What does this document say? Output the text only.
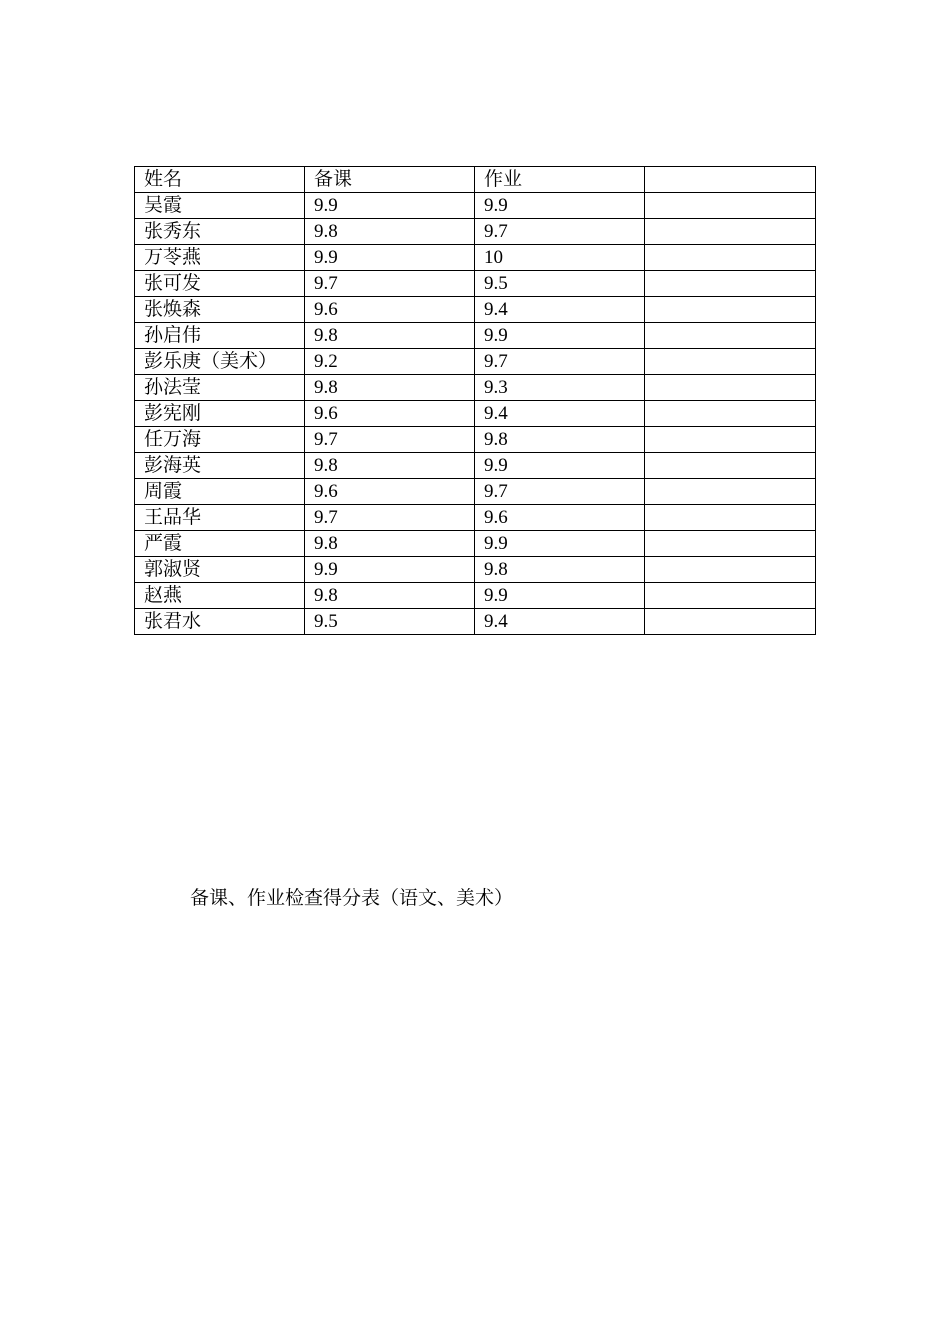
姓名	备课	作业	
吴霞	9.9	9.9	
张秀东	9.8	9.7	
万苓燕	9.9	10	
张可发	9.7	9.5	
张焕森	9.6	9.4	
孙启伟	9.8	9.9	
彭乐庚（美术）	9.2	9.7	
孙法莹	9.8	9.3	
彭宪刚	9.6	9.4	
任万海	9.7	9.8	
彭海英	9.8	9.9	
周霞	9.6	9.7	
王品华	9.7	9.6	
严霞	9.8	9.9	
郭淑贤	9.9	9.8	
赵燕	9.8	9.9	
张君水	9.5	9.4	
备课、作业检查得分表（语文、美术）
